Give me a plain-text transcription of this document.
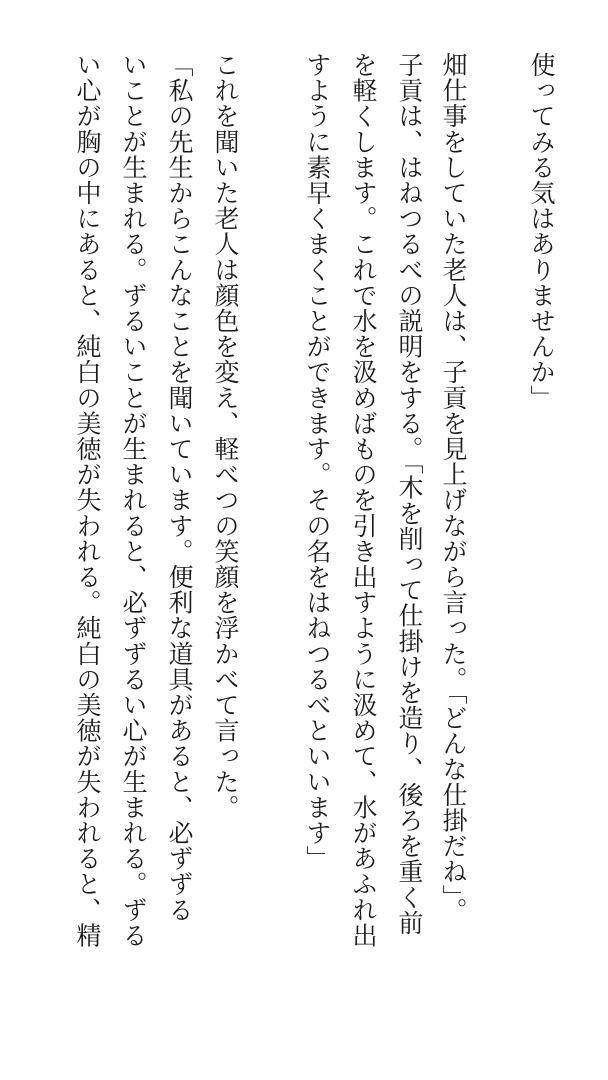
使ってみる気はありませんか」
畑仕事をしていた老人は、子貢を見上げながら言った。「どんな仕掛だね」。
子貢は、はねつるべの説明をする。「木を削って仕掛けを造り、後ろを重く前
を軽くします。これで水を汲めばものを引き出すように汲めて、水があふれ出
すように素早くまくことができます。その名をはねつるべといいます」
これを聞いた老人は顔色を変え、軽べつの笑顔を浮かべて言った。
「私の先生からこんなことを聞いています。便利な道具があると、必ずずる
いことが生まれる。ずるいことが生まれると、必ずずるい心が生まれる。ずる
い心が胸の中にあると、純白の美徳が失われる。純白の美徳が失われると、精
